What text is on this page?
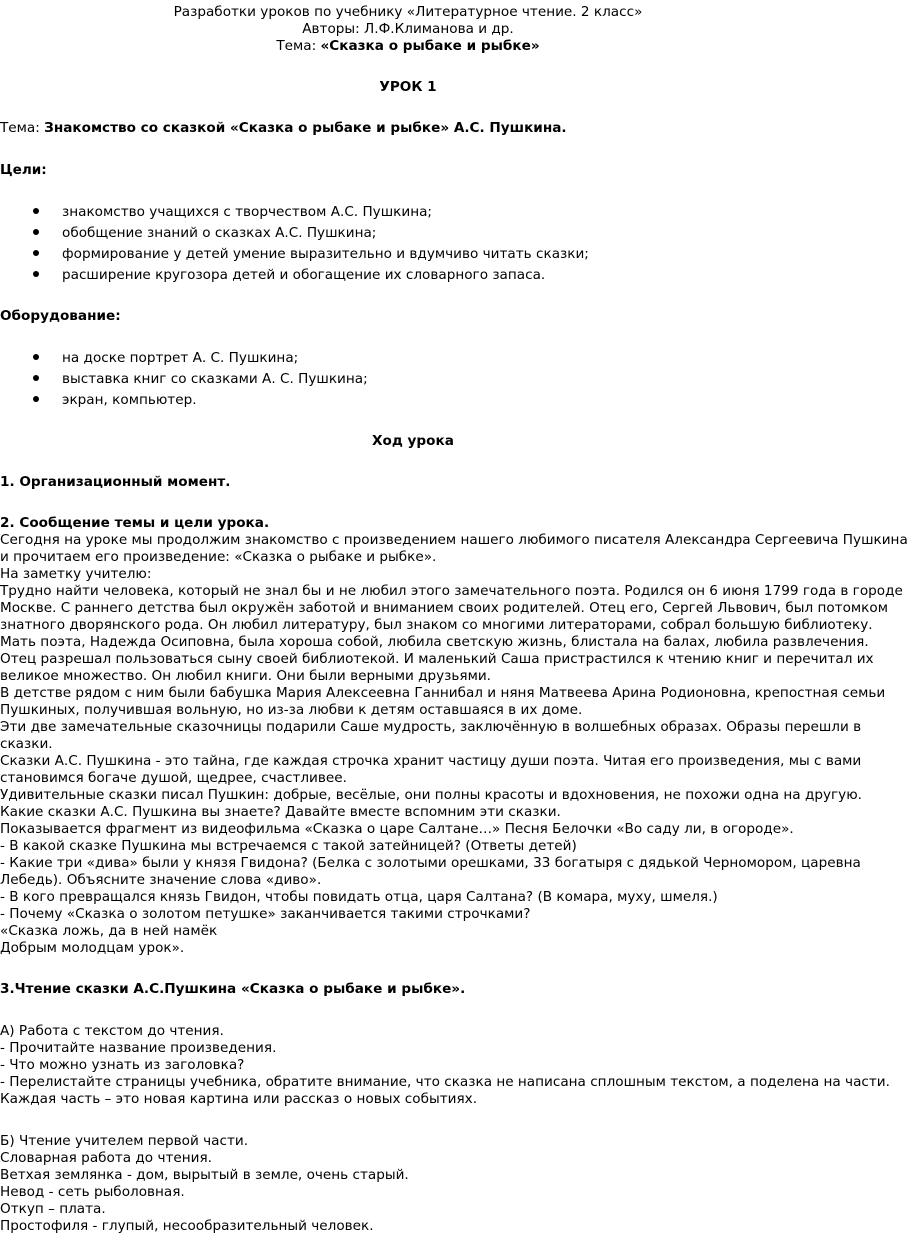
Разработки уроков по учебнику «Литературное чтение. 2 класс»
Авторы: Л.Ф.Климанова и др.
Тема: «Сказка о рыбаке и рыбке»
УРОК 1
Тема: Знакомство со сказкой «Сказка о рыбаке и рыбке» А.С. Пушкина.
Цели:
знакомство учащихся с творчеством А.С. Пушкина;
обобщение знаний о сказках А.С. Пушкина;
формирование у детей умение выразительно и вдумчиво читать сказки;
расширение кругозора детей и обогащение их словарного запаса.
Оборудование:
на доске портрет А. С. Пушкина;
выставка книг со сказками А. С. Пушкина;
экран, компьютер.
Ход урока
1. Организационный момент.
2. Сообщение темы и цели урока.
Сегодня на уроке мы продолжим знакомство с произведением нашего любимого писателя Александра Сергеевича Пушкина
и прочитаем его произведение: «Сказка о рыбаке и рыбке».
На заметку учителю:
Трудно найти человека, который не знал бы и не любил этого замечательного поэта. Родился он 6 июня 1799 года в городе
Москве. С раннего детства был окружён заботой и вниманием своих родителей. Отец его, Сергей Львович, был потомком
знатного дворянского рода. Он любил литературу, был знаком со многими литераторами, собрал большую библиотеку.
Мать поэта, Надежда Осиповна, была хороша собой, любила светскую жизнь, блистала на балах, любила развлечения.
Отец разрешал пользоваться сыну своей библиотекой. И маленький Саша пристрастился к чтению книг и перечитал их
великое множество. Он любил книги. Они были верными друзьями.
В детстве рядом с ним были бабушка Мария Алексеевна Ганнибал и няня Матвеева Арина Родионовна, крепостная семьи
Пушкиных, получившая вольную, но из-за любви к детям оставшаяся в их доме.
Эти две замечательные сказочницы подарили Саше мудрость, заключённую в волшебных образах. Образы перешли в
сказки.
Сказки А.С. Пушкина - это тайна, где каждая строчка хранит частицу души поэта. Читая его произведения, мы с вами
становимся богаче душой, щедрее, счастливее.
Удивительные сказки писал Пушкин: добрые, весёлые, они полны красоты и вдохновения, не похожи одна на другую.
Какие сказки А.С. Пушкина вы знаете? Давайте вместе вспомним эти сказки.
Показывается фрагмент из видеофильма «Сказка о царе Салтане…» Песня Белочки «Во саду ли, в огороде».
- В какой сказке Пушкина мы встречаемся с такой затейницей? (Ответы детей)
- Какие три «дива» были у князя Гвидона? (Белка с золотыми орешками, 33 богатыря с дядькой Черномором, царевна
Лебедь). Объясните значение слова «диво».
- В кого превращался князь Гвидон, чтобы повидать отца, царя Салтана? (В комара, муху, шмеля.)
- Почему «Сказка о золотом петушке» заканчивается такими строчками?
«Сказка ложь, да в ней намёк
Добрым молодцам урок».
3.Чтение сказки А.С.Пушкина «Сказка о рыбаке и рыбке».
А) Работа с текстом до чтения.
- Прочитайте название произведения.
- Что можно узнать из заголовка?
- Перелистайте страницы учебника, обратите внимание, что сказка не написана сплошным текстом, а поделена на части.
Каждая часть – это новая картина или рассказ о новых событиях.
Б) Чтение учителем первой части.
Словарная работа до чтения.
Ветхая землянка - дом, вырытый в земле, очень старый.
Невод - сеть рыболовная.
Откуп – плата.
Простофиля - глупый, несообразительный человек.
